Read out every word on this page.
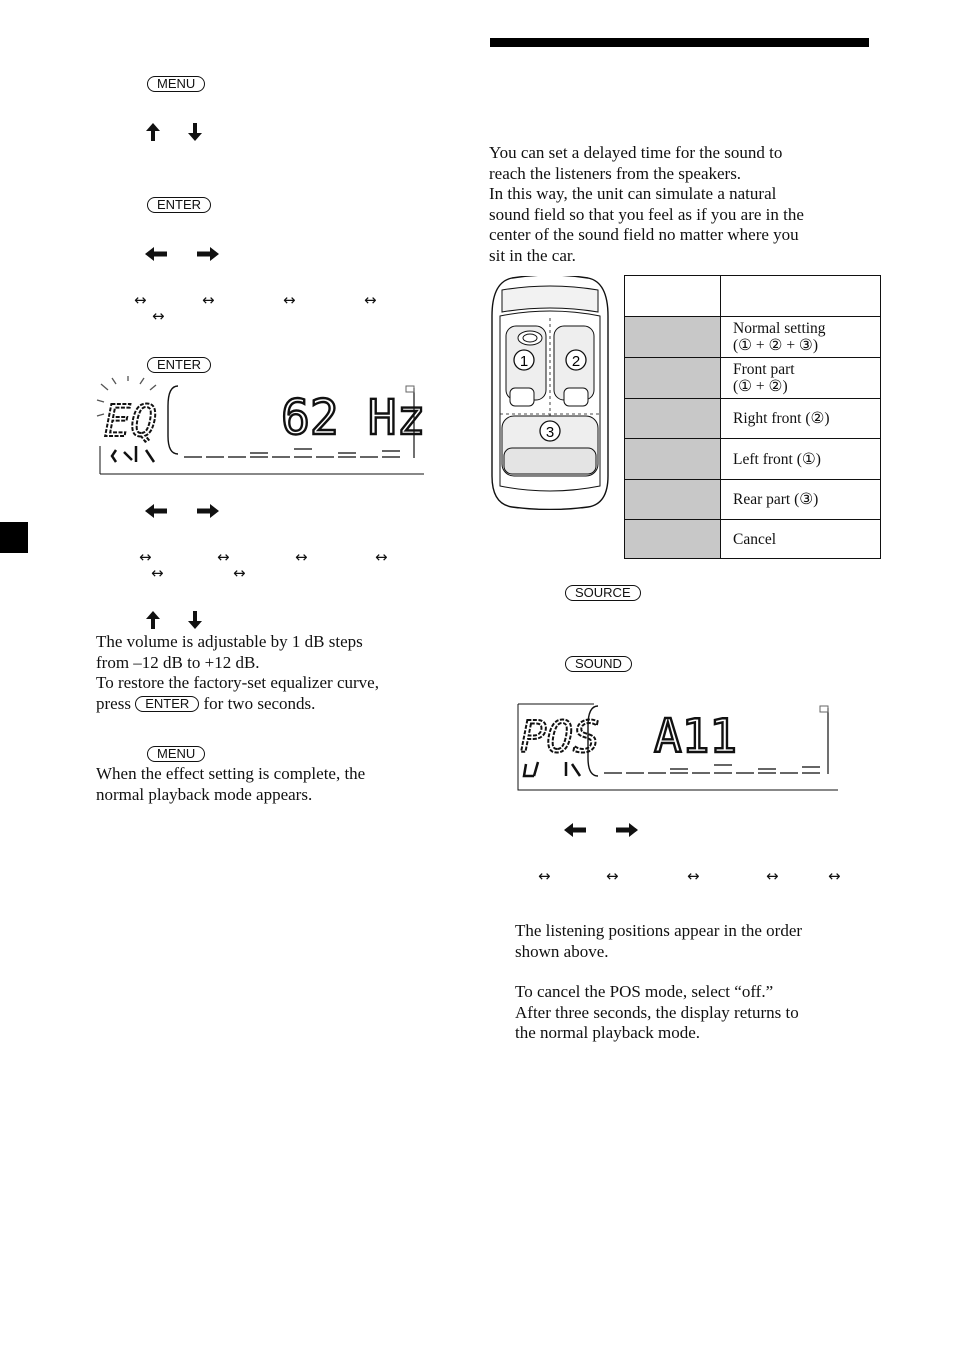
MENU
ENTER
↔	↔	↔	↔
↔
ENTER
EQ	62 Hz
↔	↔	↔	↔
↔	↔
The volume is adjustable by 1 dB steps
from –12 dB to +12 dB.
To restore the factory-set equalizer curve,
press ENTER for two seconds.
MENU
When the effect setting is complete, the
normal playback mode appears.
You can set a delayed time for the sound to
reach the listeners from the speakers.
In this way, the unit can simulate a natural
sound field so that you feel as if you are in the
center of the sound field no matter where you
sit in the car.
1	2
3

	Normal setting
(① + ② + ③)

	Front part
(① + ②)

	Right front (②)

	Left front (①)

	Rear part (③)

	Cancel
SOURCE
SOUND
POS A11
↔	↔	↔	↔	↔
The listening positions appear in the order
shown above.
To cancel the POS mode, select “off.”
After three seconds, the display returns to
the normal playback mode.
